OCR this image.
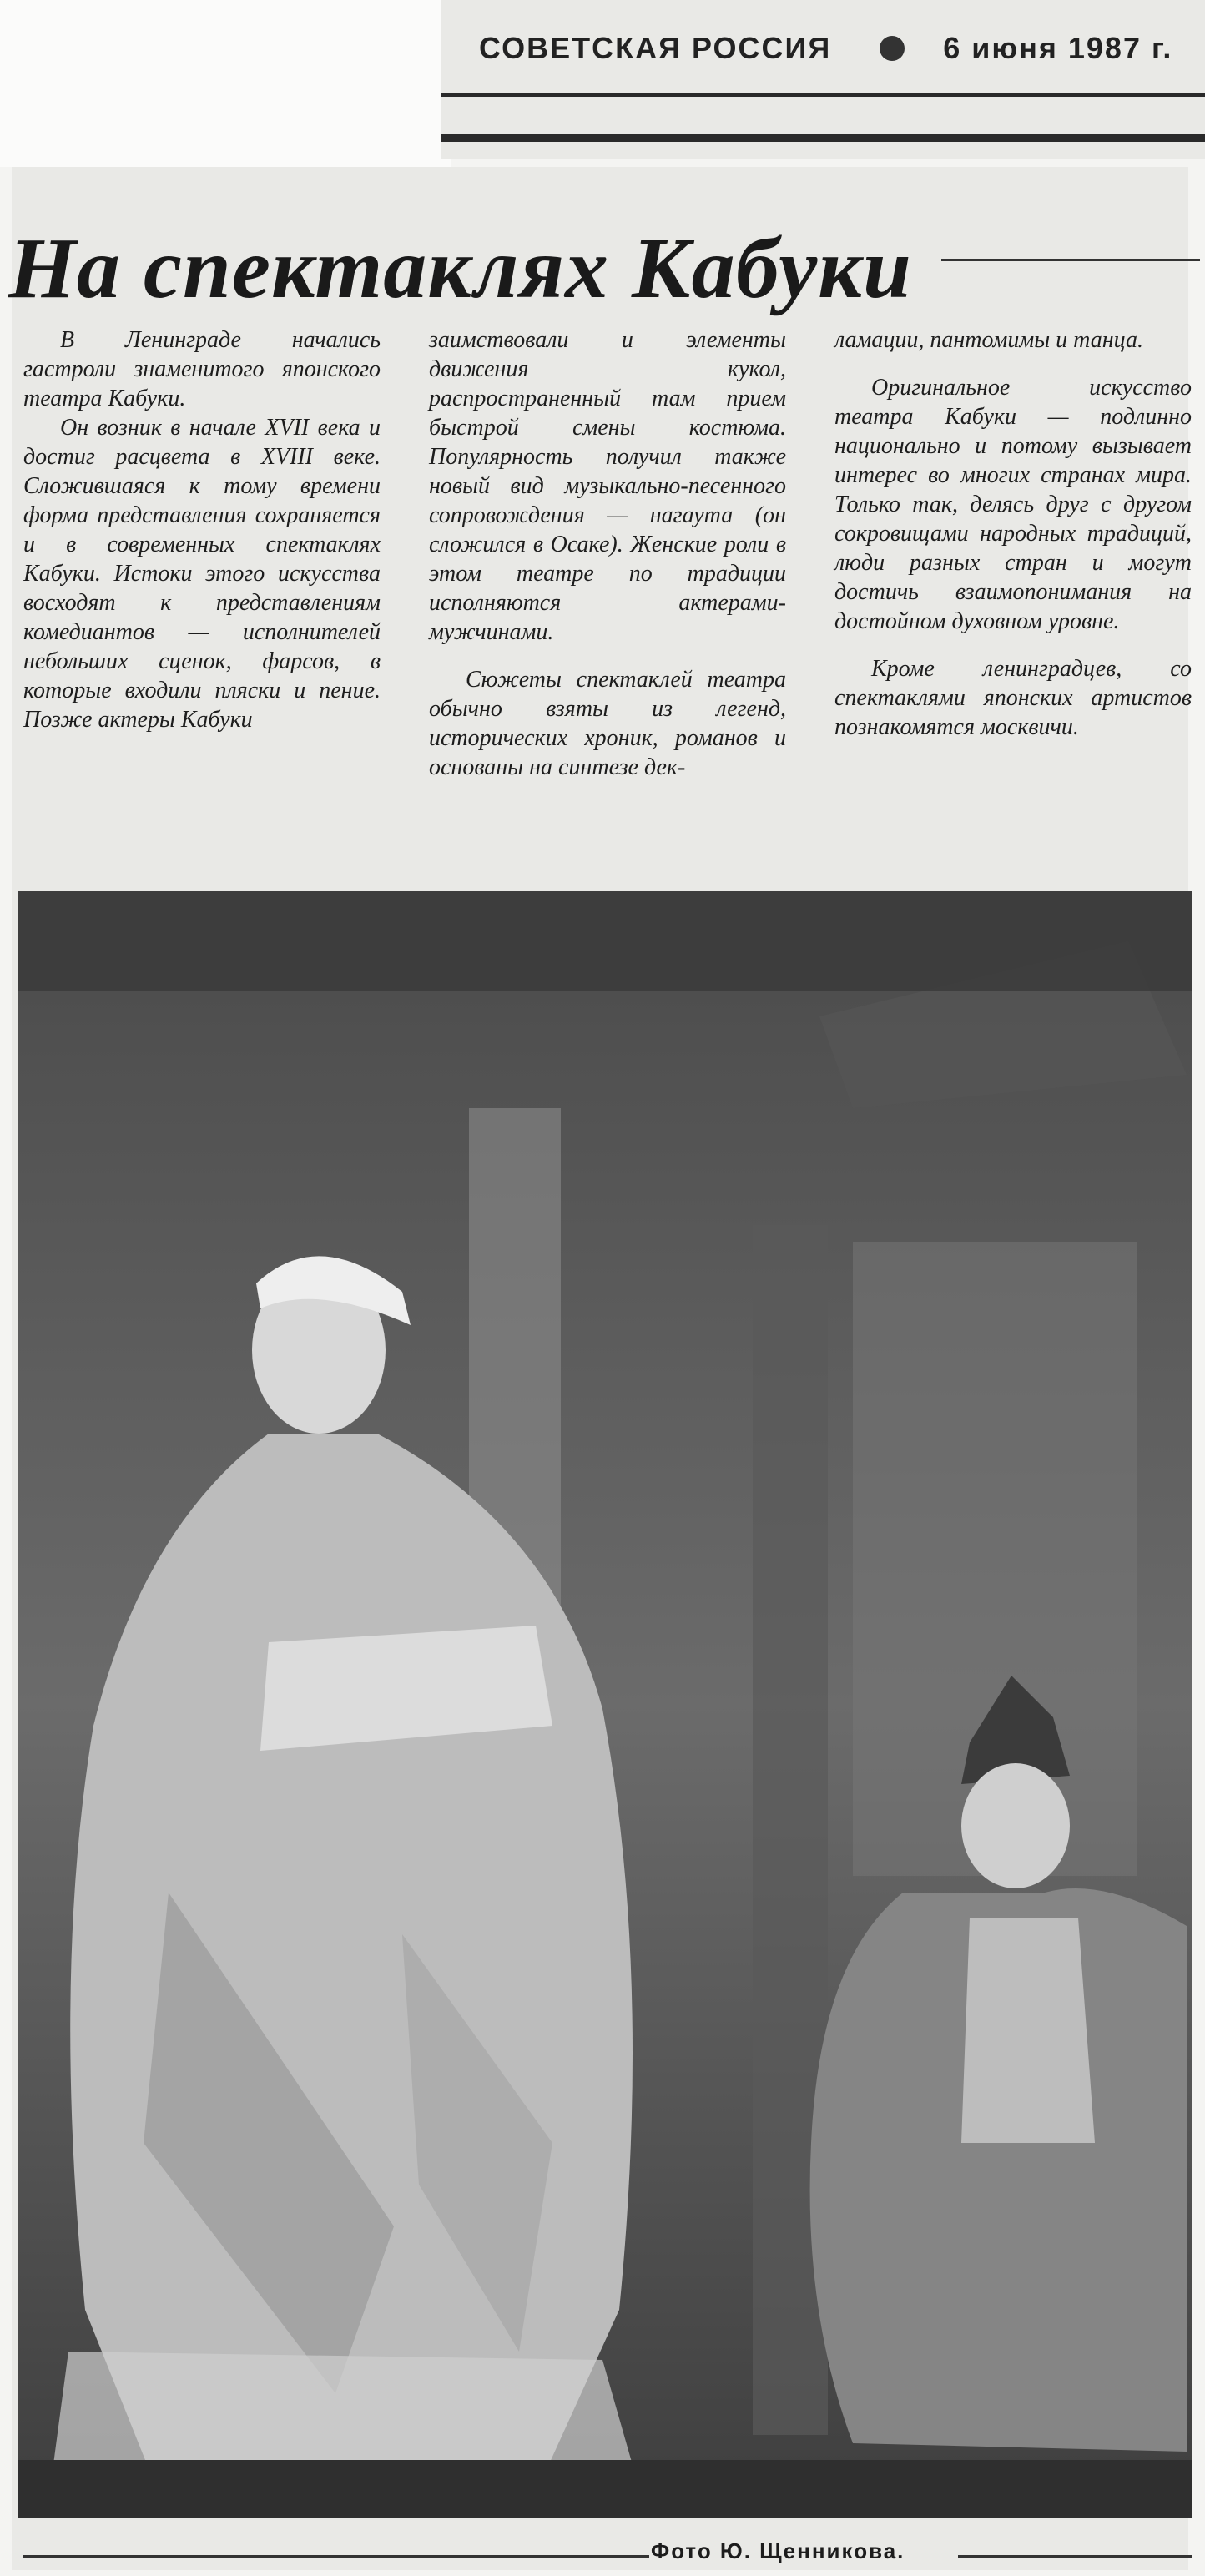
СОВЕТСКАЯ РОССИЯ	6 июня 1987 г.
На спектаклях Кабуки

В Ленинграде начались гастроли знаменитого японского театра Кабуки.

Он возник в начале XVII века и достиг расцвета в XVIII веке. Сложившаяся к тому времени форма представления сохраняется и в современных спектаклях Кабуки. Истоки этого искусства восходят к представлениям комедиантов — исполнителей небольших сценок, фарсов, в которые входили пляски и пение. Позже актеры Кабуки

заимствовали и элементы движения кукол, распространенный там прием быстрой смены костюма. Популярность получил также новый вид музыкально-песенного сопровождения — нагаута (он сложился в Осаке). Женские роли в этом театре по традиции исполняются актерами-мужчинами.

Сюжеты спектаклей театра обычно взяты из легенд, исторических хроник, романов и основаны на синтезе дек-

ламации, пантомимы и танца.

Оригинальное искусство театра Кабуки — подлинно национально и потому вызывает интерес во многих странах мира. Только так, делясь друг с другом сокровищами народных традиций, люди разных стран и могут достичь взаимопонимания на достойном духовном уровне.

Кроме ленинградцев, со спектаклями японских артистов познакомятся москвичи.

Фото Ю. Щенникова.
